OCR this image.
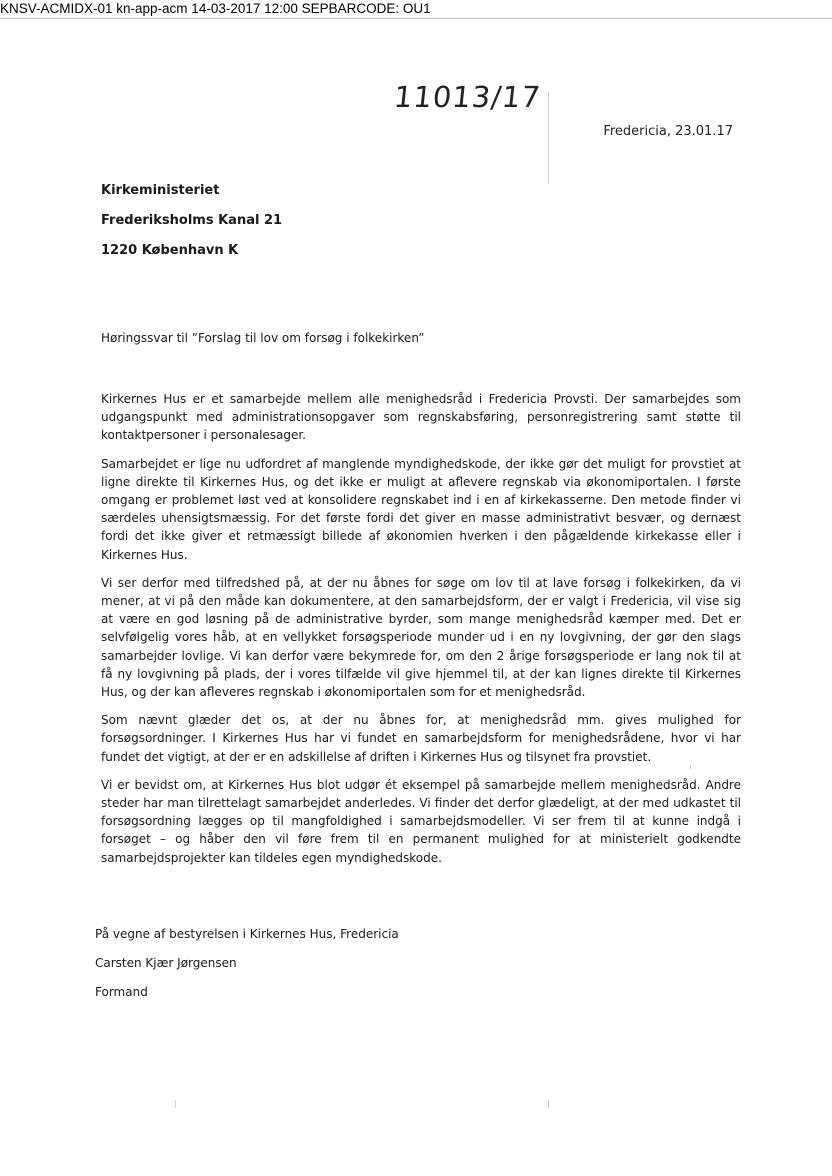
KNSV-ACMIDX-01 kn-app-acm 14-03-2017 12:00 SEPBARCODE: OU1
11013/17
Fredericia, 23.01.17
Kirkeministeriet
Frederiksholms Kanal 21
1220 København K
Høringssvar til ”Forslag til lov om forsøg i folkekirken”

Kirkernes Hus er et samarbejde mellem alle menighedsråd i Fredericia Provsti. Der samarbejdes som udgangspunkt med administrationsopgaver som regnskabsføring, personregistrering samt støtte til kontaktpersoner i personalesager.

Samarbejdet er lige nu udfordret af manglende myndighedskode, der ikke gør det muligt for provstiet at ligne direkte til Kirkernes Hus, og det ikke er muligt at aflevere regnskab via økonomiportalen. I første omgang er problemet løst ved at konsolidere regnskabet ind i en af kirkekasserne. Den metode finder vi særdeles uhensigtsmæssig. For det første fordi det giver en masse administrativt besvær, og dernæst fordi det ikke giver et retmæssigt billede af økonomien hverken i den pågældende kirkekasse eller i Kirkernes Hus.

Vi ser derfor med tilfredshed på, at der nu åbnes for søge om lov til at lave forsøg i folkekirken, da vi mener, at vi på den måde kan dokumentere, at den samarbejdsform, der er valgt i Fredericia, vil vise sig at være en god løsning på de administrative byrder, som mange menighedsråd kæmper med. Det er selvfølgelig vores håb, at en vellykket forsøgsperiode munder ud i en ny lovgivning, der gør den slags samarbejder lovlige. Vi kan derfor være bekymrede for, om den 2 årige forsøgsperiode er lang nok til at få ny lovgivning på plads, der i vores tilfælde vil give hjemmel til, at der kan lignes direkte til Kirkernes Hus, og der kan afleveres regnskab i økonomiportalen som for et menighedsråd.

Som nævnt glæder det os, at der nu åbnes for, at menighedsråd mm. gives mulighed for forsøgsordninger. I Kirkernes Hus har vi fundet en samarbejdsform for menighedsrådene, hvor vi har fundet det vigtigt, at der er en adskillelse af driften i Kirkernes Hus og tilsynet fra provstiet.

Vi er bevidst om, at Kirkernes Hus blot udgør ét eksempel på samarbejde mellem menighedsråd. Andre steder har man tilrettelagt samarbejdet anderledes. Vi finder det derfor glædeligt, at der med udkastet til forsøgsordning lægges op til mangfoldighed i samarbejdsmodeller. Vi ser frem til at kunne indgå i forsøget – og håber den vil føre frem til en permanent mulighed for at ministerielt godkendte samarbejdsprojekter kan tildeles egen myndighedskode.

På vegne af bestyrelsen i Kirkernes Hus, Fredericia
Carsten Kjær Jørgensen
Formand
